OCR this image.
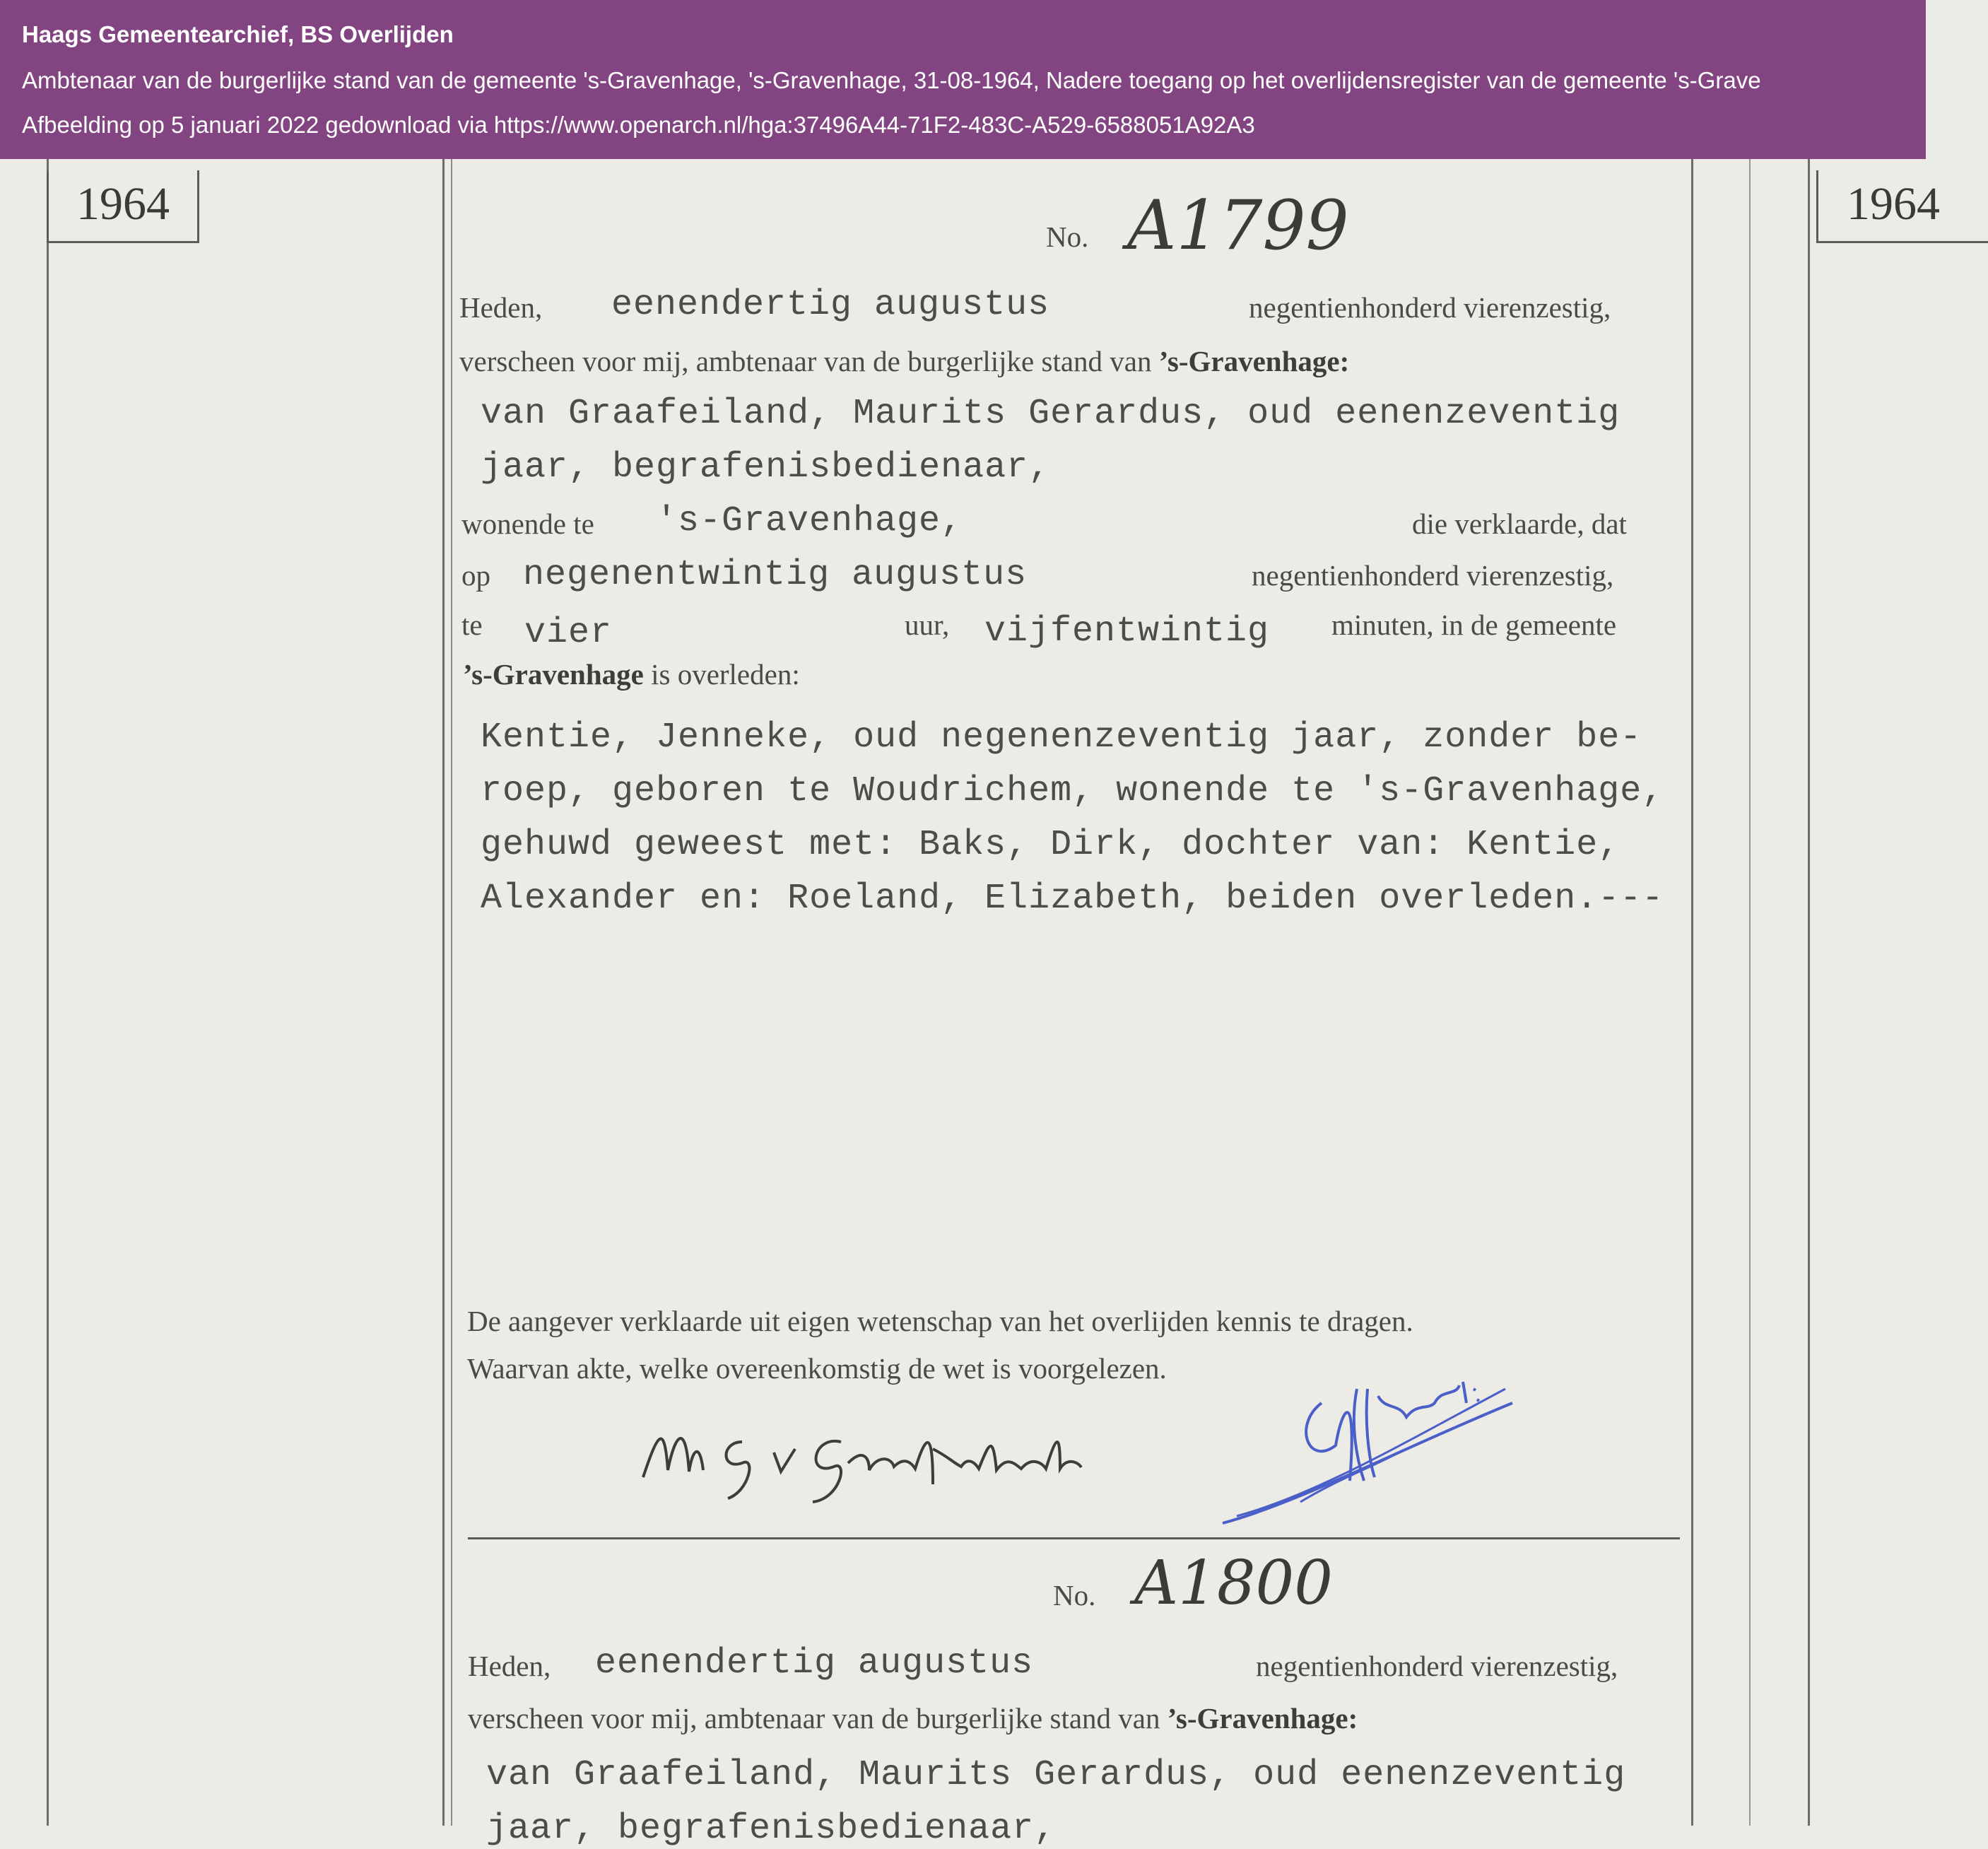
Haags Gemeentearchief, BS Overlijden
Ambtenaar van de burgerlijke stand van de gemeente 's-Gravenhage, 's-Gravenhage, 31-08-1964, Nadere toegang op het overlijdensregister van de gemeente 's-Grave
Afbeelding op 5 januari 2022 gedownload via https://www.openarch.nl/hga:37496A44-71F2-483C-A529-6588051A92A3
1964	1964
No. A1799
Heden, eenendertig augustus	negentienhonderd vierenzestig,
verscheen voor mij, ambtenaar van de burgerlijke stand van ’s-Gravenhage:
van Graafeiland, Maurits Gerardus, oud eenenzeventig
jaar, begrafenisbedienaar,
wonende te 's-Gravenhage,	die verklaarde, dat
op negenentwintig augustus	negentienhonderd vierenzestig,
te vier	uur, vijfentwintig minuten, in de gemeente
’s-Gravenhage is overleden:
Kentie, Jenneke, oud negenenzeventig jaar, zonder be-
roep, geboren te Woudrichem, wonende te 's-Gravenhage,
gehuwd geweest met: Baks, Dirk, dochter van: Kentie,
Alexander en: Roeland, Elizabeth, beiden overleden.---
De aangever verklaarde uit eigen wetenschap van het overlijden kennis te dragen.
Waarvan akte, welke overeenkomstig de wet is voorgelezen.
No. A1800
Heden, eenendertig augustus	negentienhonderd vierenzestig,
verscheen voor mij, ambtenaar van de burgerlijke stand van ’s-Gravenhage:
van Graafeiland, Maurits Gerardus, oud eenenzeventig
jaar, begrafenisbedienaar,
